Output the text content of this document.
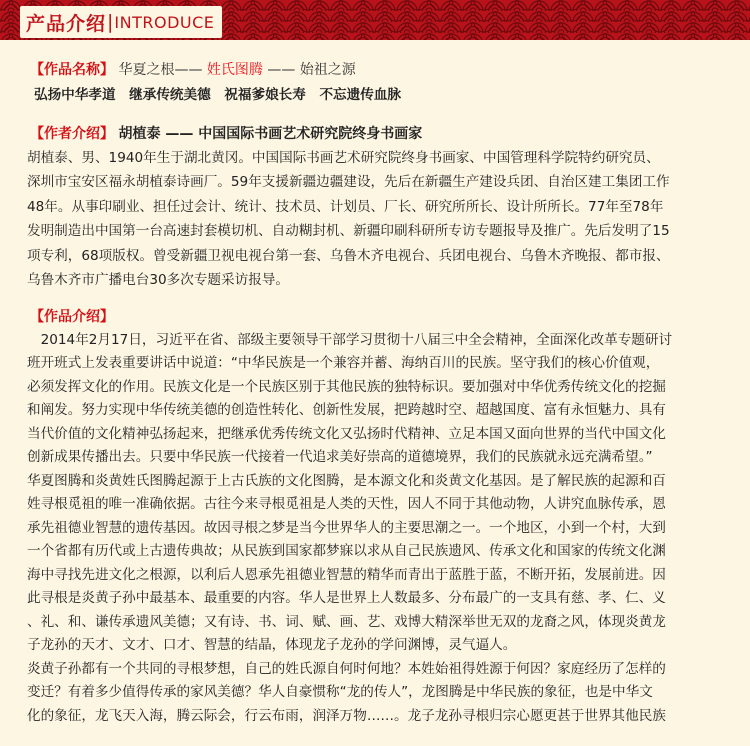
产品介绍 | INTRODUCE
【作品名称】 华夏之根—— 姓氏图腾 —— 始祖之源
弘扬中华孝道　继承传统美德　祝福爹娘长寿　不忘遗传血脉
【作者介绍】 胡植泰 —— 中国国际书画艺术研究院终身书画家
胡植泰、男、1940年生于湖北黄冈。中国国际书画艺术研究院终身书画家、中国管理科学院特约研究员、
深圳市宝安区福永胡植泰诗画厂。59年支援新疆边疆建设，先后在新疆生产建设兵团、自治区建工集团工作
48年。从事印刷业、担任过会计、统计、技术员、计划员、厂长、研究所所长、设计所所长。77年至78年
发明制造出中国第一台高速封套模切机、自动糊封机、新疆印刷科研所专访专题报导及推广。先后发明了15
项专利，68项版权。曾受新疆卫视电视台第一套、乌鲁木齐电视台、兵团电视台、乌鲁木齐晚报、都市报、
乌鲁木齐市广播电台30多次专题采访报导。
【作品介绍】
　2014年2月17日，习近平在省、部级主要领导干部学习贯彻十八届三中全会精神，全面深化改革专题研讨
班开班式上发表重要讲话中说道：“中华民族是一个兼容并蓄、海纳百川的民族。坚守我们的核心价值观，
必须发挥文化的作用。民族文化是一个民族区别于其他民族的独特标识。要加强对中华优秀传统文化的挖掘
和阐发。努力实现中华传统美德的创造性转化、创新性发展，把跨越时空、超越国度、富有永恒魅力、具有
当代价值的文化精神弘扬起来，把继承优秀传统文化又弘扬时代精神、立足本国又面向世界的当代中国文化
创新成果传播出去。只要中华民族一代接着一代追求美好崇高的道德境界，我们的民族就永远充满希望。”
华夏图腾和炎黄姓氏图腾起源于上古氏族的文化图腾，是本源文化和炎黄文化基因。是了解民族的起源和百
姓寻根觅祖的唯一准确依据。古往今来寻根觅祖是人类的天性，因人不同于其他动物，人讲究血脉传承，恩
承先祖德业智慧的遗传基因。故因寻根之梦是当今世界华人的主要思潮之一。一个地区，小到一个村，大到
一个省都有历代或上古遗传典故；从民族到国家都梦寐以求从自己民族遗风、传承文化和国家的传统文化渊
海中寻找先进文化之根源，以利后人恩承先祖德业智慧的精华而青出于蓝胜于蓝，不断开拓，发展前进。因
此寻根是炎黄子孙中最基本、最重要的内容。华人是世界上人数最多、分布最广的一支具有慈、孝、仁、义
、礼、和、谦传承遗风美德；又有诗、书、词、赋、画、艺、戏博大精深举世无双的龙裔之风，体现炎黄龙
子龙孙的天才、文才、口才、智慧的结晶，体现龙子龙孙的学问渊博，灵气逼人。
炎黄子孙都有一个共同的寻根梦想，自己的姓氏源自何时何地？本姓始祖得姓源于何因？家庭经历了怎样的
变迁？有着多少值得传承的家风美德？华人自豪惯称“龙的传人”，龙图腾是中华民族的象征，也是中华文
化的象征，龙飞天入海，腾云际会，行云布雨，润泽万物……。龙子龙孙寻根归宗心愿更甚于世界其他民族
